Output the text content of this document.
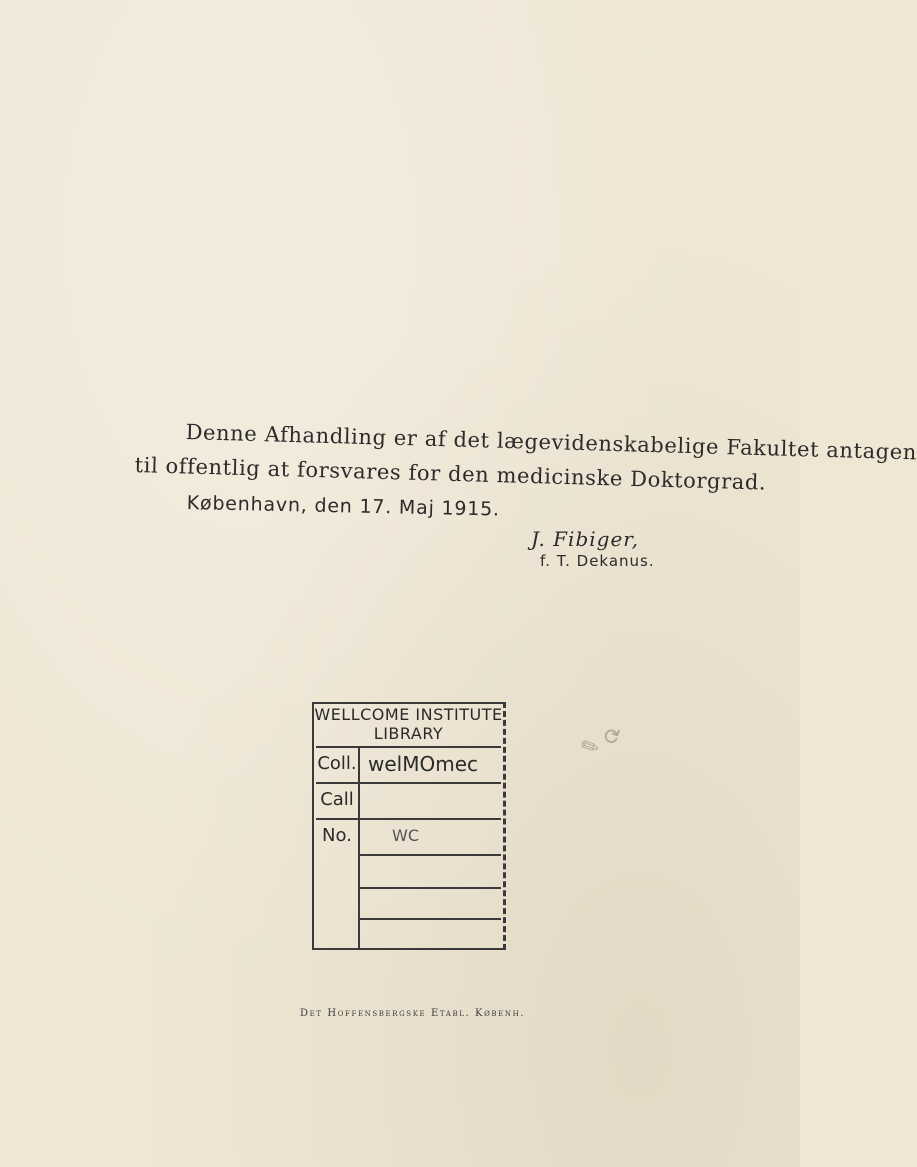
Denne Afhandling er af det lægevidenskabelige Fakultet antagen
til offentlig at forsvares for den medicinske Doktorgrad.
København, den 17. Maj 1915.
J. Fibiger,
f. T. Dekanus.
WELLCOME INSTITUTE
LIBRARY
Coll. welMOmec
Call
No.	WC
✎ ⟳
Det Hoffensbergske Etabl. Københ.
